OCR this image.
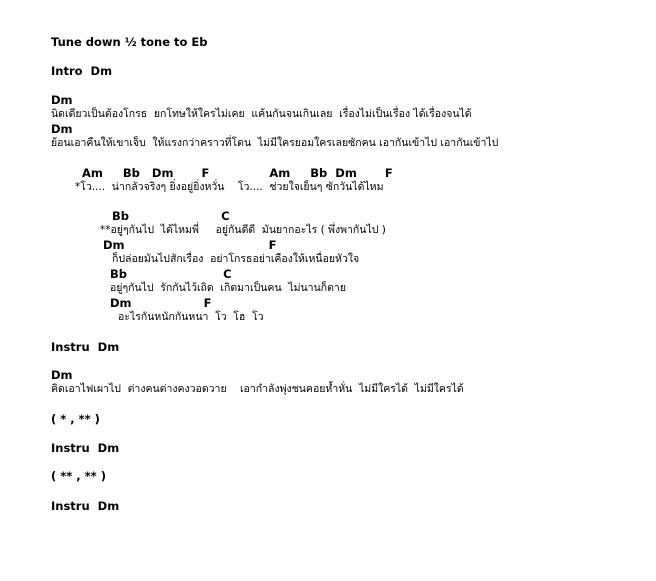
Tune down ½ tone to Eb
Intro  Dm
Dm
นิดเดียวเป็นต้องโกรธ  ยกโทษให้ใครไม่เคย  แค้นกันจนเกินเลย  เรื่องไม่เป็นเรื่อง ได้เรื่องจนได้
Dm
ย้อนเอาคืนให้เขาเจ็บ  ให้แรงกว่าคราวที่โดน  ไม่มีใครยอมใครเลยซักคน เอากันเข้าไป เอากันเข้าไป
Am     Bb   Dm       F               Am     Bb  Dm       F
*โว....  น่ากลัวจริงๆ ยิ่งอยู่ยิ่งหวั่น    โว....  ช่วยใจเย็นๆ ซักวันได้ไหม
Bb                       C
**อยู่ๆกันไป  ได้ไหมพี่     อยู่กันดีดี  มันยากอะไร ( พึ่งพากันไป )
Dm                                    F
ก็ปล่อยมันไปสักเรื่อง  อย่าโกรธอย่าเคืองให้เหนื่อยหัวใจ
Bb                        C
อยู่ๆกันไป  รักกันไว้เถิด  เกิดมาเป็นคน  ไม่นานก็ตาย
Dm                  F
อะไรกันหนักกันหนา  โว  โฮ  โว
Instru  Dm
Dm
คิดเอาไฟเผาไป  ต่างคนต่างคงวอดวาย    เอากำลังพุ่งชนคอยห้ำหั่น  ไม่มีใครได้  ไม่มีใครได้
( * , ** )
Instru  Dm
( ** , ** )
Instru  Dm
